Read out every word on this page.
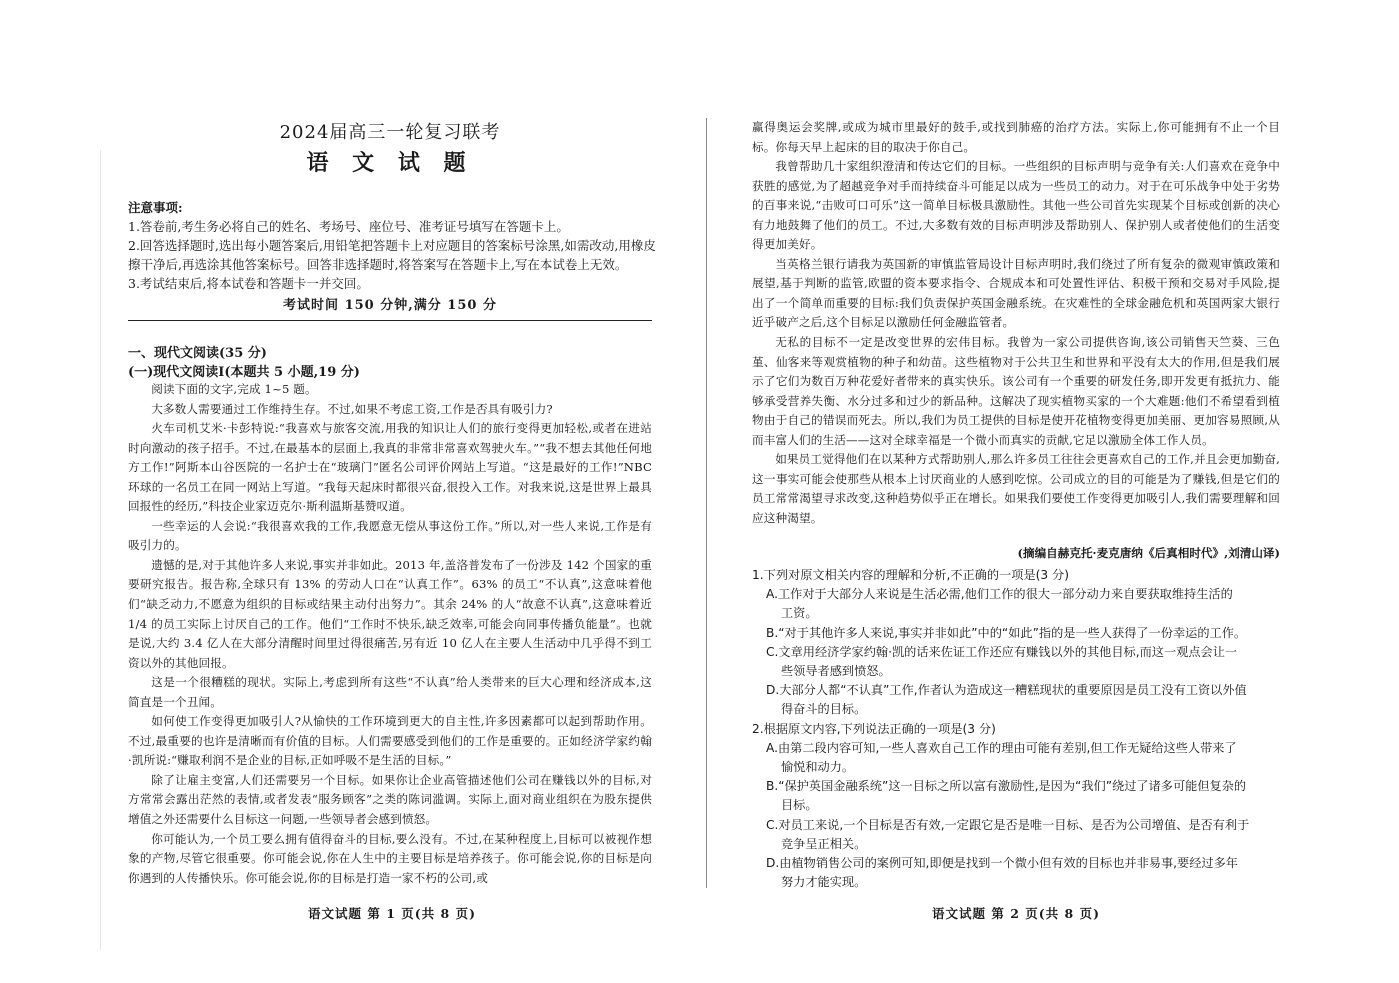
2024届高三一轮复习联考
语 文 试 题
注意事项:
1.答卷前,考生务必将自己的姓名、考场号、座位号、准考证号填写在答题卡上。
2.回答选择题时,选出每小题答案后,用铅笔把答题卡上对应题目的答案标号涂黑,如需改动,用橡皮
擦干净后,再选涂其他答案标号。回答非选择题时,将答案写在答题卡上,写在本试卷上无效。
3.考试结束后,将本试卷和答题卡一并交回。
考试时间 150 分钟,满分 150 分
一、现代文阅读(35 分)
(一)现代文阅读Ⅰ(本题共 5 小题,19 分)

阅读下面的文字,完成 1~5 题。

大多数人需要通过工作维持生存。不过,如果不考虑工资,工作是否具有吸引力?

火车司机艾米·卡彭特说:“我喜欢与旅客交流,用我的知识让人们的旅行变得更加轻松,或者在进站时向激动的孩子招手。不过,在最基本的层面上,我真的非常非常喜欢驾驶火车。”“我不想去其他任何地方工作!”阿斯本山谷医院的一名护士在“玻璃门”匿名公司评价网站上写道。“这是最好的工作!”NBC 环球的一名员工在同一网站上写道。“我每天起床时都很兴奋,很投入工作。对我来说,这是世界上最具回报性的经历,”科技企业家迈克尔·斯利温斯基赞叹道。

一些幸运的人会说:“我很喜欢我的工作,我愿意无偿从事这份工作。”所以,对一些人来说,工作是有吸引力的。

遗憾的是,对于其他许多人来说,事实并非如此。2013 年,盖洛普发布了一份涉及 142 个国家的重要研究报告。报告称,全球只有 13% 的劳动人口在“认真工作”。63% 的员工“不认真”,这意味着他们“缺乏动力,不愿意为组织的目标或结果主动付出努力”。其余 24% 的人“故意不认真”,这意味着近 1/4 的员工实际上讨厌自己的工作。他们“工作时不快乐,缺乏效率,可能会向同事传播负能量”。也就是说,大约 3.4 亿人在大部分清醒时间里过得很痛苦,另有近 10 亿人在主要人生活动中几乎得不到工资以外的其他回报。

这是一个很糟糕的现状。实际上,考虑到所有这些“不认真”给人类带来的巨大心理和经济成本,这简直是一个丑闻。

如何使工作变得更加吸引人?从愉快的工作环境到更大的自主性,许多因素都可以起到帮助作用。不过,最重要的也许是清晰而有价值的目标。人们需要感受到他们的工作是重要的。正如经济学家约翰·凯所说:“赚取利润不是企业的目标,正如呼吸不是生活的目标。”

除了让雇主变富,人们还需要另一个目标。如果你让企业高管描述他们公司在赚钱以外的目标,对方常常会露出茫然的表情,或者发表“服务顾客”之类的陈词滥调。实际上,面对商业组织在为股东提供增值之外还需要什么目标这一问题,一些领导者会感到愤怒。

你可能认为,一个员工要么拥有值得奋斗的目标,要么没有。不过,在某种程度上,目标可以被视作想象的产物,尽管它很重要。你可能会说,你在人生中的主要目标是培养孩子。你可能会说,你的目标是向你遇到的人传播快乐。你可能会说,你的目标是打造一家不朽的公司,或

语文试题 第 1 页(共 8 页)

赢得奥运会奖牌,或成为城市里最好的鼓手,或找到肺癌的治疗方法。实际上,你可能拥有不止一个目标。你每天早上起床的目的取决于你自己。

我曾帮助几十家组织澄清和传达它们的目标。一些组织的目标声明与竞争有关:人们喜欢在竞争中获胜的感觉,为了超越竞争对手而持续奋斗可能足以成为一些员工的动力。对于在可乐战争中处于劣势的百事来说,“击败可口可乐”这一简单目标极具激励性。其他一些公司首先实现某个目标或创新的决心有力地鼓舞了他们的员工。不过,大多数有效的目标声明涉及帮助别人、保护别人或者使他们的生活变得更加美好。

当英格兰银行请我为英国新的审慎监管局设计目标声明时,我们绕过了所有复杂的微观审慎政策和展望,基于判断的监管,欧盟的资本要求指令、合规成本和可处置性评估、积极干预和交易对手风险,提出了一个简单而重要的目标:我们负责保护英国金融系统。在灾难性的全球金融危机和英国两家大银行近乎破产之后,这个目标足以激励任何金融监管者。

无私的目标不一定是改变世界的宏伟目标。我曾为一家公司提供咨询,该公司销售天竺葵、三色堇、仙客来等观赏植物的种子和幼苗。这些植物对于公共卫生和世界和平没有太大的作用,但是我们展示了它们为数百万种花爱好者带来的真实快乐。该公司有一个重要的研发任务,即开发更有抵抗力、能够承受营养失衡、水分过多和过少的新品种。这解决了现实植物买家的一个大难题:他们不希望看到植物由于自己的错误而死去。所以,我们为员工提供的目标是使开花植物变得更加美丽、更加容易照顾,从而丰富人们的生活——这对全球幸福是一个微小而真实的贡献,它足以激励全体工作人员。

如果员工觉得他们在以某种方式帮助别人,那么许多员工往往会更喜欢自己的工作,并且会更加勤奋,这一事实可能会使那些从根本上讨厌商业的人感到吃惊。公司成立的目的可能是为了赚钱,但是它们的员工常常渴望寻求改变,这种趋势似乎正在增长。如果我们要使工作变得更加吸引人,我们需要理解和回应这种渴望。

(摘编自赫克托·麦克唐纳《后真相时代》,刘清山译)
1.下列对原文相关内容的理解和分析,不正确的一项是(3 分)
A.工作对于大部分人来说是生活必需,他们工作的很大一部分动力来自要获取维持生活的
工资。
B.“对于其他许多人来说,事实并非如此”中的“如此”指的是一些人获得了一份幸运的工作。
C.文章用经济学家约翰·凯的话来佐证工作还应有赚钱以外的其他目标,而这一观点会让一
些领导者感到愤怒。
D.大部分人都“不认真”工作,作者认为造成这一糟糕现状的重要原因是员工没有工资以外值
得奋斗的目标。
2.根据原文内容,下列说法正确的一项是(3 分)
A.由第二段内容可知,一些人喜欢自己工作的理由可能有差别,但工作无疑给这些人带来了
愉悦和动力。
B.“保护英国金融系统”这一目标之所以富有激励性,是因为“我们”绕过了诸多可能但复杂的
目标。
C.对员工来说,一个目标是否有效,一定跟它是否是唯一目标、是否为公司增值、是否有利于
竞争呈正相关。
D.由植物销售公司的案例可知,即便是找到一个微小但有效的目标也并非易事,要经过多年
努力才能实现。
语文试题 第 2 页(共 8 页)
